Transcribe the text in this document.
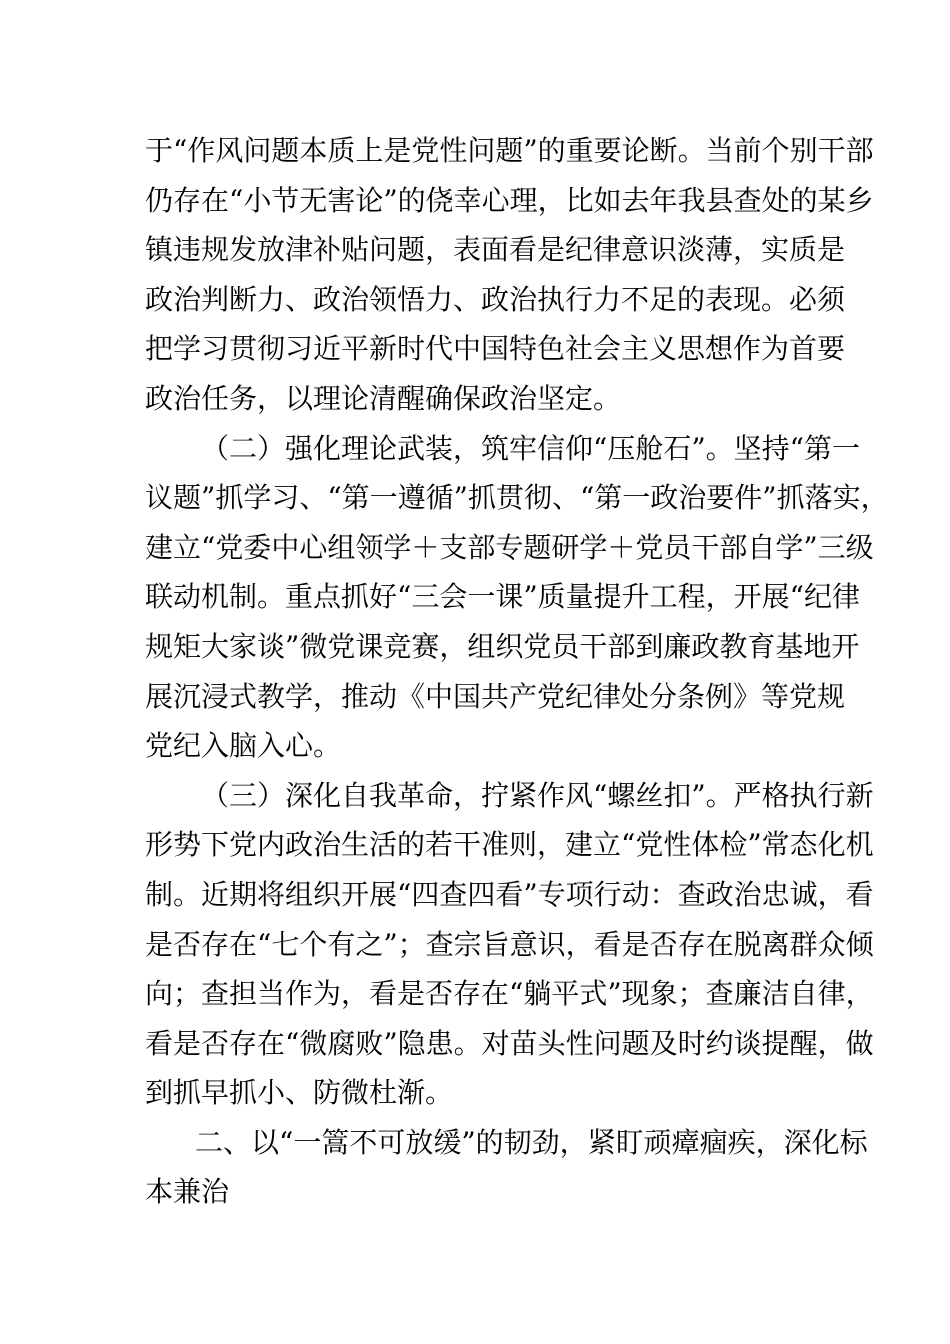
于“作风问题本质上是党性问题”的重要论断。当前个别干部
仍存在“小节无害论”的侥幸心理，比如去年我县查处的某乡
镇违规发放津补贴问题，表面看是纪律意识淡薄，实质是
政治判断力、政治领悟力、政治执行力不足的表现。必须
把学习贯彻习近平新时代中国特色社会主义思想作为首要
政治任务，以理论清醒确保政治坚定。
（二）强化理论武装，筑牢信仰“压舱石”。坚持“第一
议题”抓学习、“第一遵循”抓贯彻、“第一政治要件”抓落实，
建立“党委中心组领学＋支部专题研学＋党员干部自学”三级
联动机制。重点抓好“三会一课”质量提升工程，开展“纪律
规矩大家谈”微党课竞赛，组织党员干部到廉政教育基地开
展沉浸式教学，推动《中国共产党纪律处分条例》等党规
党纪入脑入心。
（三）深化自我革命，拧紧作风“螺丝扣”。严格执行新
形势下党内政治生活的若干准则，建立“党性体检”常态化机
制。近期将组织开展“四查四看”专项行动：查政治忠诚，看
是否存在“七个有之”；查宗旨意识，看是否存在脱离群众倾
向；查担当作为，看是否存在“躺平式”现象；查廉洁自律，
看是否存在“微腐败”隐患。对苗头性问题及时约谈提醒，做
到抓早抓小、防微杜渐。
二、以“一篙不可放缓”的韧劲，紧盯顽瘴痼疾，深化标
本兼治
